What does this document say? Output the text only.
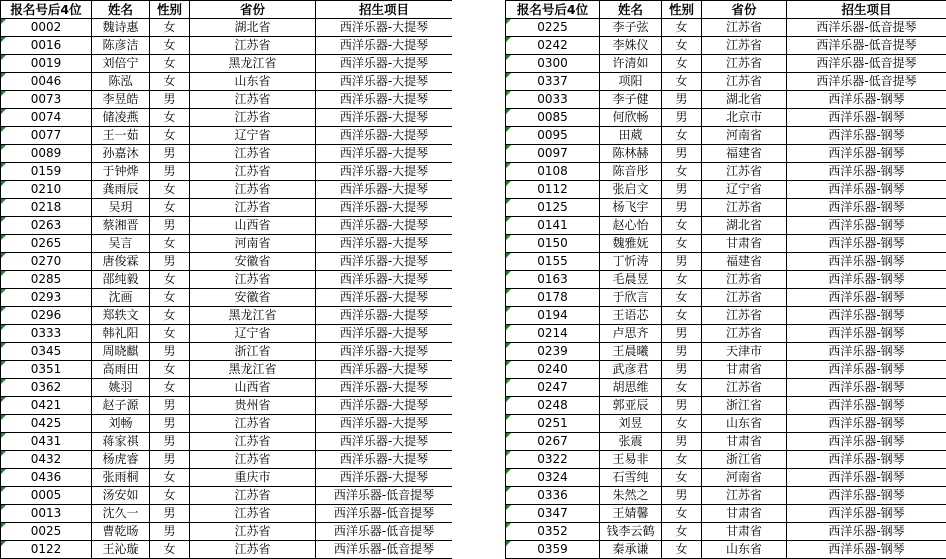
报名号后4位	姓名	性别	省份	招生项目
0002	魏诗惠	女	湖北省	西洋乐器-大提琴
0016	陈彦洁	女	江苏省	西洋乐器-大提琴
0019	刘倍宁	女	黑龙江省	西洋乐器-大提琴
0046	陈泓	女	山东省	西洋乐器-大提琴
0073	李昱皓	男	江苏省	西洋乐器-大提琴
0074	储凌燕	女	江苏省	西洋乐器-大提琴
0077	王一茹	女	辽宁省	西洋乐器-大提琴
0089	孙嘉沐	男	江苏省	西洋乐器-大提琴
0159	于钟烨	男	江苏省	西洋乐器-大提琴
0210	龚雨辰	女	江苏省	西洋乐器-大提琴
0218	吴玥	女	江苏省	西洋乐器-大提琴
0263	蔡湘晋	男	山西省	西洋乐器-大提琴
0265	吴言	女	河南省	西洋乐器-大提琴
0270	唐俊霖	男	安徽省	西洋乐器-大提琴
0285	邵纯毅	女	江苏省	西洋乐器-大提琴
0293	沈画	女	安徽省	西洋乐器-大提琴
0296	郑轶文	女	黑龙江省	西洋乐器-大提琴
0333	韩礼阳	女	辽宁省	西洋乐器-大提琴
0345	周晓麒	男	浙江省	西洋乐器-大提琴
0351	高雨田	女	黑龙江省	西洋乐器-大提琴
0362	姚羽	女	山西省	西洋乐器-大提琴
0421	赵子源	男	贵州省	西洋乐器-大提琴
0425	刘畅	男	江苏省	西洋乐器-大提琴
0431	蒋家祺	男	江苏省	西洋乐器-大提琴
0432	杨虎睿	男	江苏省	西洋乐器-大提琴
0436	张雨桐	女	重庆市	西洋乐器-大提琴
0005	汤安如	女	江苏省	西洋乐器-低音提琴
0013	沈久一	男	江苏省	西洋乐器-低音提琴
0025	曹乾旸	男	江苏省	西洋乐器-低音提琴
0122	王沁璇	女	江苏省	西洋乐器-低音提琴
报名号后4位	姓名	性别	省份	招生项目
0225	李子弦	女	江苏省	西洋乐器-低音提琴
0242	李姝仪	女	江苏省	西洋乐器-低音提琴
0300	许清如	女	江苏省	西洋乐器-低音提琴
0337	项阳	女	江苏省	西洋乐器-低音提琴
0033	李子健	男	湖北省	西洋乐器-钢琴
0085	何欣畅	男	北京市	西洋乐器-钢琴
0095	田葳	女	河南省	西洋乐器-钢琴
0097	陈林赫	男	福建省	西洋乐器-钢琴
0108	陈音彤	女	江苏省	西洋乐器-钢琴
0112	张启文	男	辽宁省	西洋乐器-钢琴
0125	杨飞宇	男	江苏省	西洋乐器-钢琴
0141	赵心怡	女	湖北省	西洋乐器-钢琴
0150	魏雅妩	女	甘肃省	西洋乐器-钢琴
0155	丁忻涛	男	福建省	西洋乐器-钢琴
0163	毛晨昱	女	江苏省	西洋乐器-钢琴
0178	于欣言	女	江苏省	西洋乐器-钢琴
0194	王语芯	女	江苏省	西洋乐器-钢琴
0214	卢思齐	男	江苏省	西洋乐器-钢琴
0239	王晨曦	男	天津市	西洋乐器-钢琴
0240	武彦君	男	甘肃省	西洋乐器-钢琴
0247	胡思维	女	江苏省	西洋乐器-钢琴
0248	郭亚辰	男	浙江省	西洋乐器-钢琴
0251	刘昱	女	山东省	西洋乐器-钢琴
0267	张震	男	甘肃省	西洋乐器-钢琴
0322	王易非	女	浙江省	西洋乐器-钢琴
0324	石雪纯	女	河南省	西洋乐器-钢琴
0336	朱然之	男	江苏省	西洋乐器-钢琴
0347	王婧馨	女	甘肃省	西洋乐器-钢琴
0352	钱李云鹤	女	甘肃省	西洋乐器-钢琴
0359	秦承谦	女	山东省	西洋乐器-钢琴
